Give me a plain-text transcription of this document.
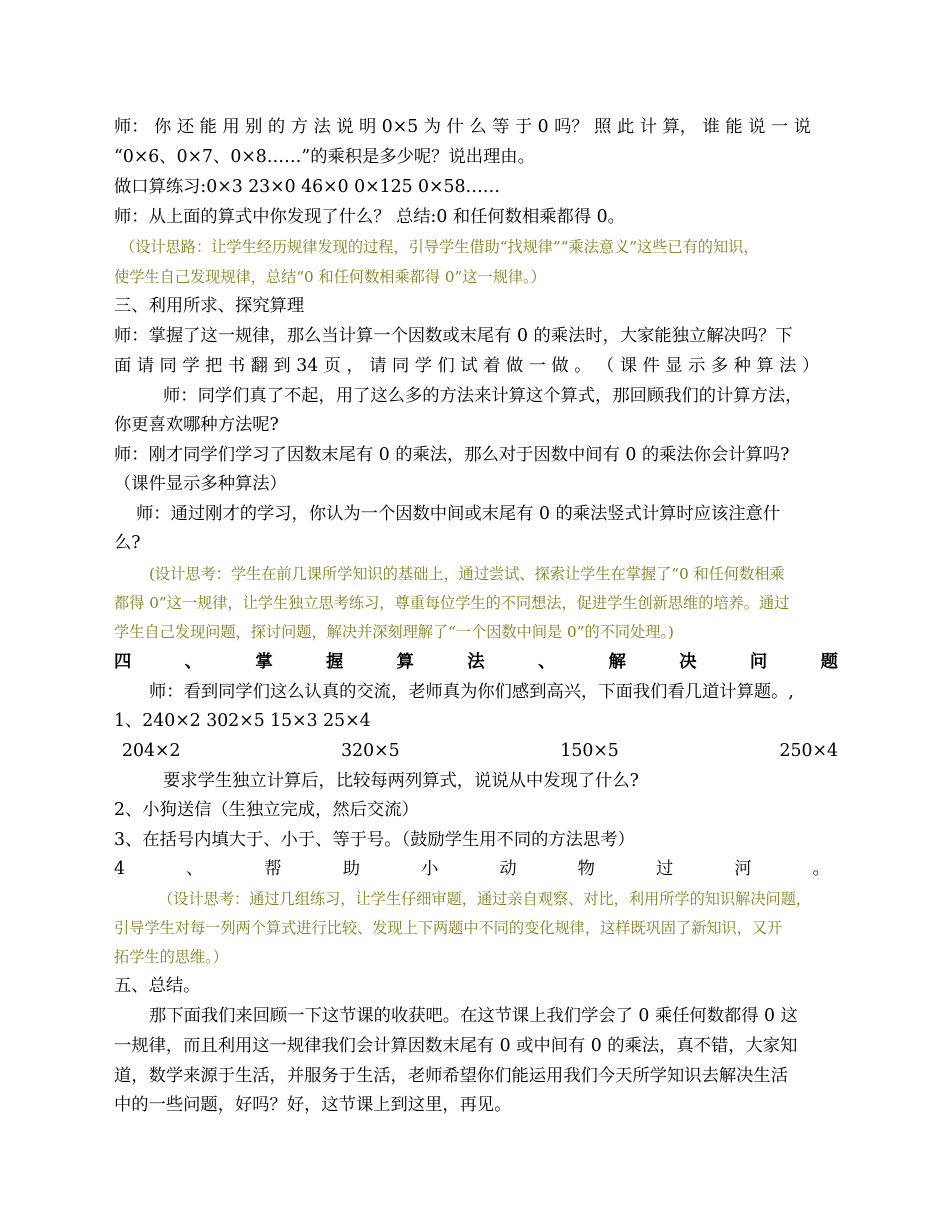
师： 你 还 能 用 别 的 方 法 说 明 0×5 为 什 么 等 于 0 吗？ 照 此 计 算， 谁 能 说 一 说
“0×6、0×7、0×8……”的乘积是多少呢？说出理由。
做口算练习:0×3 23×0 46×0 0×125 0×58……
师：从上面的算式中你发现了什么？ 总结:0 和任何数相乘都得 0。
（设计思路：让学生经历规律发现的过程，引导学生借助“找规律”“乘法意义”这些已有的知识，
使学生自己发现规律，总结“0 和任何数相乘都得 0”这一规律。）
三、利用所求、探究算理
师：掌握了这一规律，那么当计算一个因数或末尾有 0 的乘法时，大家能独立解决吗？下
面 请 同 学 把 书 翻 到 34 页 ， 请 同 学 们 试 着 做 一 做 。 （ 课 件 显 示 多 种 算 法 ）
师：同学们真了不起，用了这么多的方法来计算这个算式，那回顾我们的计算方法，
你更喜欢哪种方法呢?
师：刚才同学们学习了因数末尾有 0 的乘法，那么对于因数中间有 0 的乘法你会计算吗?
（课件显示多种算法）
师：通过刚才的学习，你认为一个因数中间或末尾有 0 的乘法竖式计算时应该注意什
么?
(设计思考：学生在前几课所学知识的基础上，通过尝试、探索让学生在掌握了“0 和任何数相乘
都得 0”这一规律，让学生独立思考练习，尊重每位学生的不同想法，促进学生创新思维的培养。通过
学生自己发现问题，探讨问题，解决并深刻理解了“一个因数中间是 0”的不同处理。)
四	、	掌	握	算	法	、	解	决	问	题
师：看到同学们这么认真的交流，老师真为你们感到高兴，下面我们看几道计算题。,
1、240×2 302×5 15×3 25×4
204×2	320×5	150×5	250×4
要求学生独立计算后，比较每两列算式，说说从中发现了什么?
2、小狗送信（生独立完成，然后交流）
3、在括号内填大于、小于、等于号。（鼓励学生用不同的方法思考）
4	、	帮	助	小	动	物	过	河	。
（设计思考：通过几组练习，让学生仔细审题，通过亲自观察、对比，利用所学的知识解决问题，
引导学生对每一列两个算式进行比较、发现上下两题中不同的变化规律，这样既巩固了新知识，又开
拓学生的思维。）
五、总结。
那下面我们来回顾一下这节课的收获吧。在这节课上我们学会了 0 乘任何数都得 0 这
一规律，而且利用这一规律我们会计算因数末尾有 0 或中间有 0 的乘法，真不错，大家知
道，数学来源于生活，并服务于生活，老师希望你们能运用我们今天所学知识去解决生活
中的一些问题，好吗？好，这节课上到这里，再见。
